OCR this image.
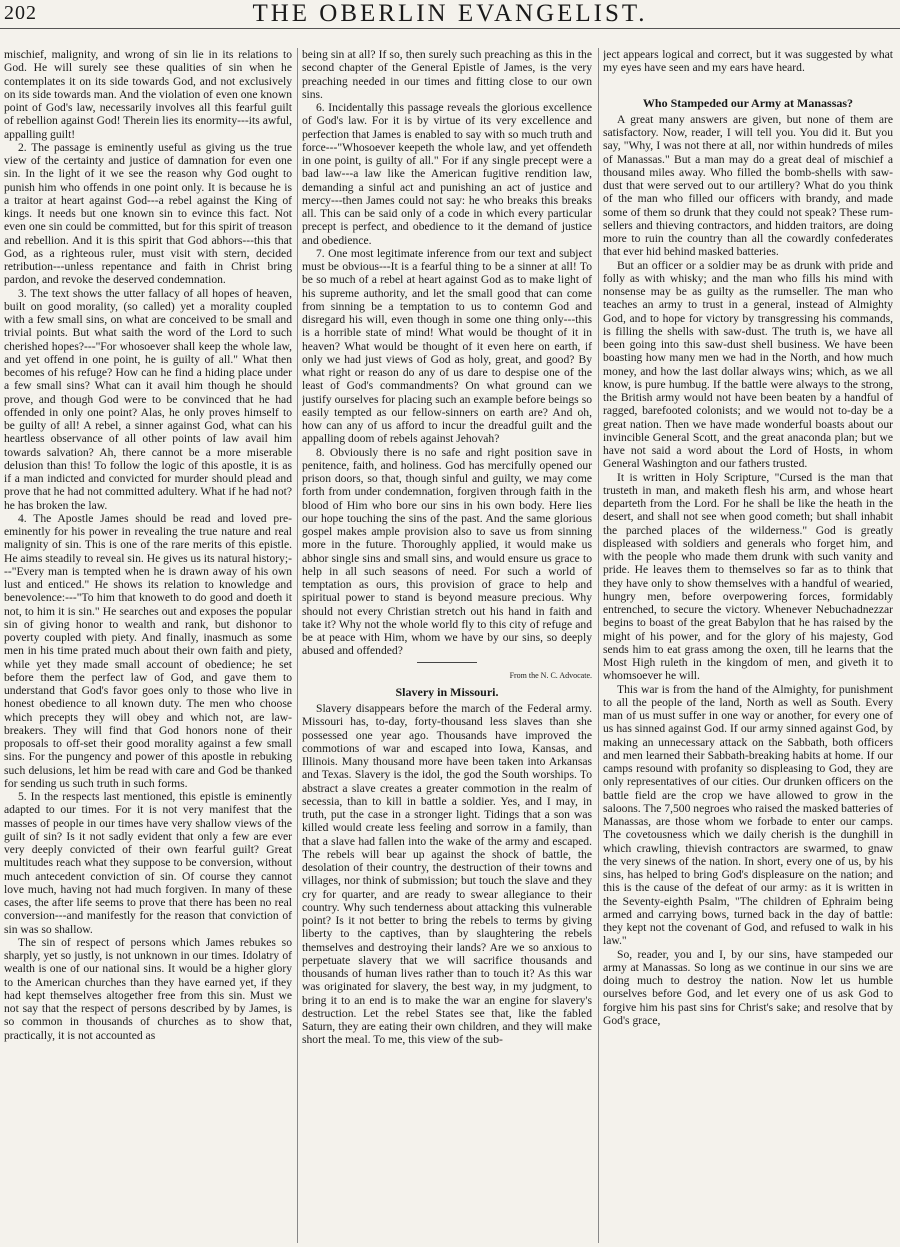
202	THE OBERLIN EVANGELIST.

mischief, malignity, and wrong of sin lie in its relations to God. He will surely see these qualities of sin when he contemplates it on its side towards God, and not exclusively on its side towards man. And the violation of even one known point of God's law, necessarily involves all this fearful guilt of rebellion against God! Therein lies its enormity---its awful, appalling guilt!

2. The passage is eminently useful as giving us the true view of the certainty and justice of damnation for even one sin. In the light of it we see the reason why God ought to punish him who offends in one point only. It is because he is a traitor at heart against God---a rebel against the King of kings. It needs but one known sin to evince this fact. Not even one sin could be committed, but for this spirit of treason and rebellion. And it is this spirit that God abhors---this that God, as a righteous ruler, must visit with stern, decided retribution---unless repentance and faith in Christ bring pardon, and revoke the deserved condemnation.

3. The text shows the utter fallacy of all hopes of heaven, built on good morality, (so called) yet a morality coupled with a few small sins, on what are conceived to be small and trivial points. But what saith the word of the Lord to such cherished hopes?---"For whosoever shall keep the whole law, and yet offend in one point, he is guilty of all." What then becomes of his refuge? How can he find a hiding place under a few small sins? What can it avail him though he should prove, and though God were to be convinced that he had offended in only one point? Alas, he only proves himself to be guilty of all! A rebel, a sinner against God, what can his heartless observance of all other points of law avail him towards salvation? Ah, there cannot be a more miserable delusion than this! To follow the logic of this apostle, it is as if a man indicted and convicted for murder should plead and prove that he had not committed adultery. What if he had not? he has broken the law.

4. The Apostle James should be read and loved pre-eminently for his power in revealing the true nature and real malignity of sin. This is one of the rare merits of this epistle. He aims steadily to reveal sin. He gives us its natural history;---"Every man is tempted when he is drawn away of his own lust and enticed." He shows its relation to knowledge and benevolence:---"To him that knoweth to do good and doeth it not, to him it is sin." He searches out and exposes the popular sin of giving honor to wealth and rank, but dishonor to poverty coupled with piety. And finally, inasmuch as some men in his time prated much about their own faith and piety, while yet they made small account of obedience; he set before them the perfect law of God, and gave them to understand that God's favor goes only to those who live in honest obedience to all known duty. The men who choose which precepts they will obey and which not, are law-breakers. They will find that God honors none of their proposals to off-set their good morality against a few small sins. For the pungency and power of this apostle in rebuking such delusions, let him be read with care and God be thanked for sending us such truth in such forms.

5. In the respects last mentioned, this epistle is eminently adapted to our times. For it is not very manifest that the masses of people in our times have very shallow views of the guilt of sin? Is it not sadly evident that only a few are ever very deeply convicted of their own fearful guilt? Great multitudes reach what they suppose to be conversion, without much antecedent conviction of sin. Of course they cannot love much, having not had much forgiven. In many of these cases, the after life seems to prove that there has been no real conversion---and manifestly for the reason that conviction of sin was so shallow.

The sin of respect of persons which James rebukes so sharply, yet so justly, is not unknown in our times. Idolatry of wealth is one of our national sins. It would be a higher glory to the American churches than they have earned yet, if they had kept themselves altogether free from this sin. Must we not say that the respect of persons described by by James, is so common in thousands of churches as to show that, practically, it is not accounted as

being sin at all? If so, then surely such preaching as this in the second chapter of the General Epistle of James, is the very preaching needed in our times and fitting close to our own sins.

6. Incidentally this passage reveals the glorious excellence of God's law. For it is by virtue of its very excellence and perfection that James is enabled to say with so much truth and force---"Whosoever keepeth the whole law, and yet offendeth in one point, is guilty of all." For if any single precept were a bad law---a law like the American fugitive rendition law, demanding a sinful act and punishing an act of justice and mercy---then James could not say: he who breaks this breaks all. This can be said only of a code in which every particular precept is perfect, and obedience to it the demand of justice and obedience.

7. One most legitimate inference from our text and subject must be obvious---It is a fearful thing to be a sinner at all! To be so much of a rebel at heart against God as to make light of his supreme authority, and let the small good that can come from sinning be a temptation to us to contemn God and disregard his will, even though in some one thing only---this is a horrible state of mind! What would be thought of it in heaven? What would be thought of it even here on earth, if only we had just views of God as holy, great, and good? By what right or reason do any of us dare to despise one of the least of God's commandments? On what ground can we justify ourselves for placing such an example before beings so easily tempted as our fellow-sinners on earth are? And oh, how can any of us afford to incur the dreadful guilt and the appalling doom of rebels against Jehovah?

8. Obviously there is no safe and right position save in penitence, faith, and holiness. God has mercifully opened our prison doors, so that, though sinful and guilty, we may come forth from under condemnation, forgiven through faith in the blood of Him who bore our sins in his own body. Here lies our hope touching the sins of the past. And the same glorious gospel makes ample provision also to save us from sinning more in the future. Thoroughly applied, it would make us abhor single sins and small sins, and would ensure us grace to help in all such seasons of need. For such a world of temptation as ours, this provision of grace to help and spiritual power to stand is beyond measure precious. Why should not every Christian stretch out his hand in faith and take it? Why not the whole world fly to this city of refuge and be at peace with Him, whom we have by our sins, so deeply abused and offended?

From the N. C. Advocate.
Slavery in Missouri.

Slavery disappears before the march of the Federal army. Missouri has, to-day, forty-thousand less slaves than she possessed one year ago. Thousands have improved the commotions of war and escaped into Iowa, Kansas, and Illinois. Many thousand more have been taken into Arkansas and Texas. Slavery is the idol, the god the South worships. To abstract a slave creates a greater commotion in the realm of secessia, than to kill in battle a soldier. Yes, and I may, in truth, put the case in a stronger light. Tidings that a son was killed would create less feeling and sorrow in a family, than that a slave had fallen into the wake of the army and escaped. The rebels will bear up against the shock of battle, the desolation of their country, the destruction of their towns and villages, nor think of submission; but touch the slave and they cry for quarter, and are ready to swear allegiance to their country. Why such tenderness about attacking this vulnerable point? Is it not better to bring the rebels to terms by giving liberty to the captives, than by slaughtering the rebels themselves and destroying their lands? Are we so anxious to perpetuate slavery that we will sacrifice thousands and thousands of human lives rather than to touch it? As this war was originated for slavery, the best way, in my judgment, to bring it to an end is to make the war an engine for slavery's destruction. Let the rebel States see that, like the fabled Saturn, they are eating their own children, and they will make short the meal. To me, this view of the sub-

ject appears logical and correct, but it was suggested by what my eyes have seen and my ears have heard.

Who Stampeded our Army at Manassas?

A great many answers are given, but none of them are satisfactory. Now, reader, I will tell you. You did it. But you say, "Why, I was not there at all, nor within hundreds of miles of Manassas." But a man may do a great deal of mischief a thousand miles away. Who filled the bomb-shells with saw-dust that were served out to our artillery? What do you think of the man who filled our officers with brandy, and made some of them so drunk that they could not speak? These rum-sellers and thieving contractors, and hidden traitors, are doing more to ruin the country than all the cowardly confederates that ever hid behind masked batteries.

But an officer or a soldier may be as drunk with pride and folly as with whisky; and the man who fills his mind with nonsense may be as guilty as the rumseller. The man who teaches an army to trust in a general, instead of Almighty God, and to hope for victory by transgressing his commands, is filling the shells with saw-dust. The truth is, we have all been going into this saw-dust shell business. We have been boasting how many men we had in the North, and how much money, and how the last dollar always wins; which, as we all know, is pure humbug. If the battle were always to the strong, the British army would not have been beaten by a handful of ragged, barefooted colonists; and we would not to-day be a great nation. Then we have made wonderful boasts about our invincible General Scott, and the great anaconda plan; but we have not said a word about the Lord of Hosts, in whom General Washington and our fathers trusted.

It is written in Holy Scripture, "Cursed is the man that trusteth in man, and maketh flesh his arm, and whose heart departeth from the Lord. For he shall be like the heath in the desert, and shall not see when good cometh; but shall inhabit the parched places of the wilderness." God is greatly displeased with soldiers and generals who forget him, and with the people who made them drunk with such vanity and pride. He leaves them to themselves so far as to think that they have only to show themselves with a handful of wearied, hungry men, before overpowering forces, formidably entrenched, to secure the victory. Whenever Nebuchadnezzar begins to boast of the great Babylon that he has raised by the might of his power, and for the glory of his majesty, God sends him to eat grass among the oxen, till he learns that the Most High ruleth in the kingdom of men, and giveth it to whomsoever he will.

This war is from the hand of the Almighty, for punishment to all the people of the land, North as well as South. Every man of us must suffer in one way or another, for every one of us has sinned against God. If our army sinned against God, by making an unnecessary attack on the Sabbath, both officers and men learned their Sabbath-breaking habits at home. If our camps resound with profanity so displeasing to God, they are only representatives of our cities. Our drunken officers on the battle field are the crop we have allowed to grow in the saloons. The 7,500 negroes who raised the masked batteries of Manassas, are those whom we forbade to enter our camps. The covetousness which we daily cherish is the dunghill in which crawling, thievish contractors are swarmed, to gnaw the very sinews of the nation. In short, every one of us, by his sins, has helped to bring God's displeasure on the nation; and this is the cause of the defeat of our army: as it is written in the Seventy-eighth Psalm, "The children of Ephraim being armed and carrying bows, turned back in the day of battle: they kept not the covenant of God, and refused to walk in his law."

So, reader, you and I, by our sins, have stampeded our army at Manassas. So long as we continue in our sins we are doing much to destroy the nation. Now let us humble ourselves before God, and let every one of us ask God to forgive him his past sins for Christ's sake; and resolve that by God's grace,
